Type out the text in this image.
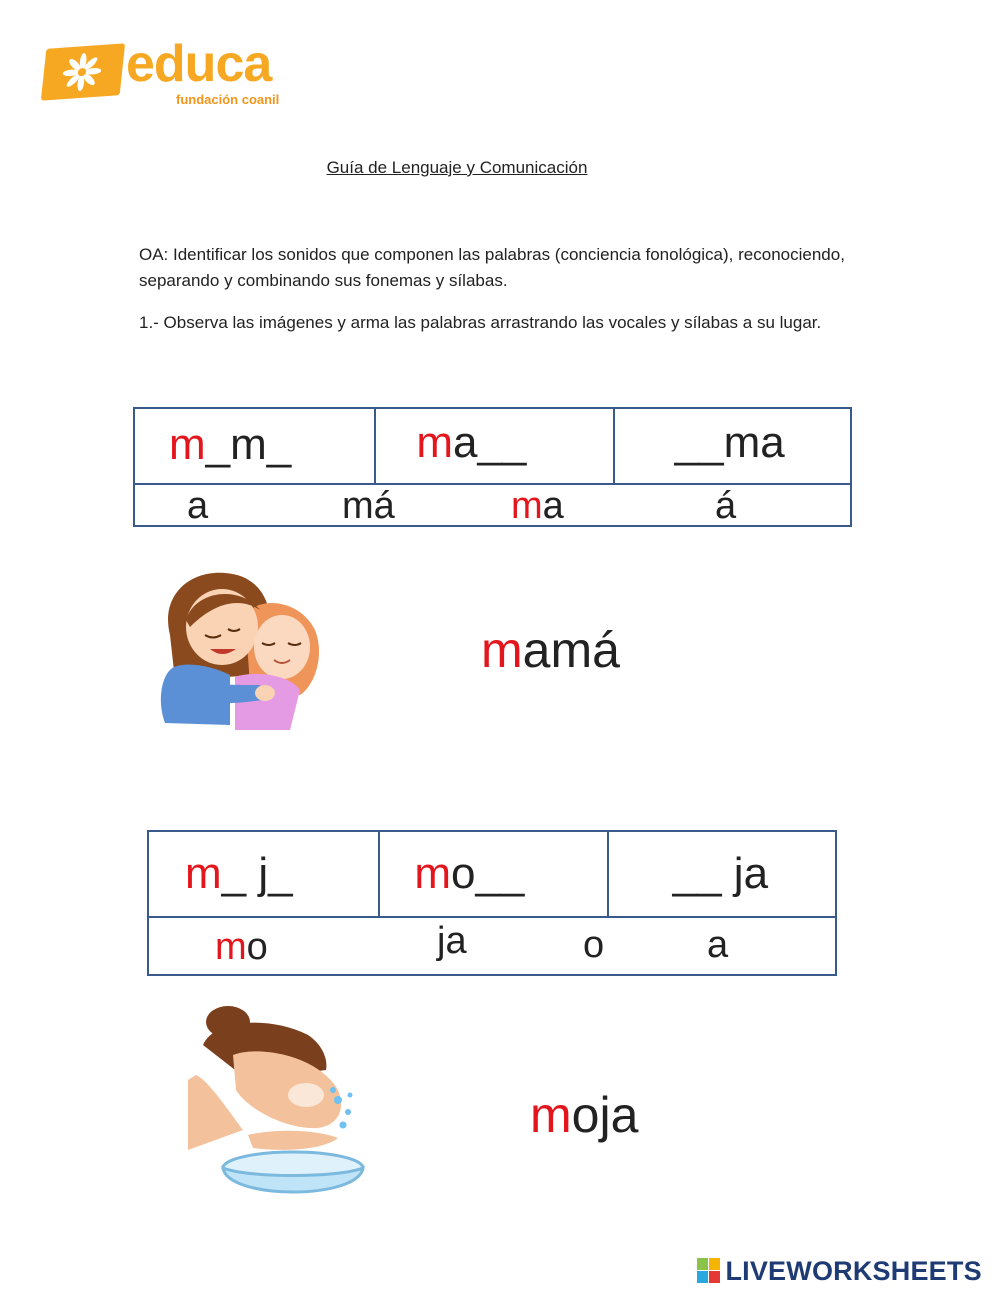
educa
fundación coanil
Guía de Lenguaje y Comunicación
OA: Identificar los sonidos que componen las palabras (conciencia fonológica), reconociendo, separando y combinando sus fonemas y sílabas.
1.- Observa las imágenes y arma las palabras arrastrando las vocales y sílabas a su lugar.
m_m_	ma__	__ma

a	má	ma	á
mamá
m_ j_	mo__	__ ja

mo	ja	o	a
moja
LIVEWORKSHEETS
